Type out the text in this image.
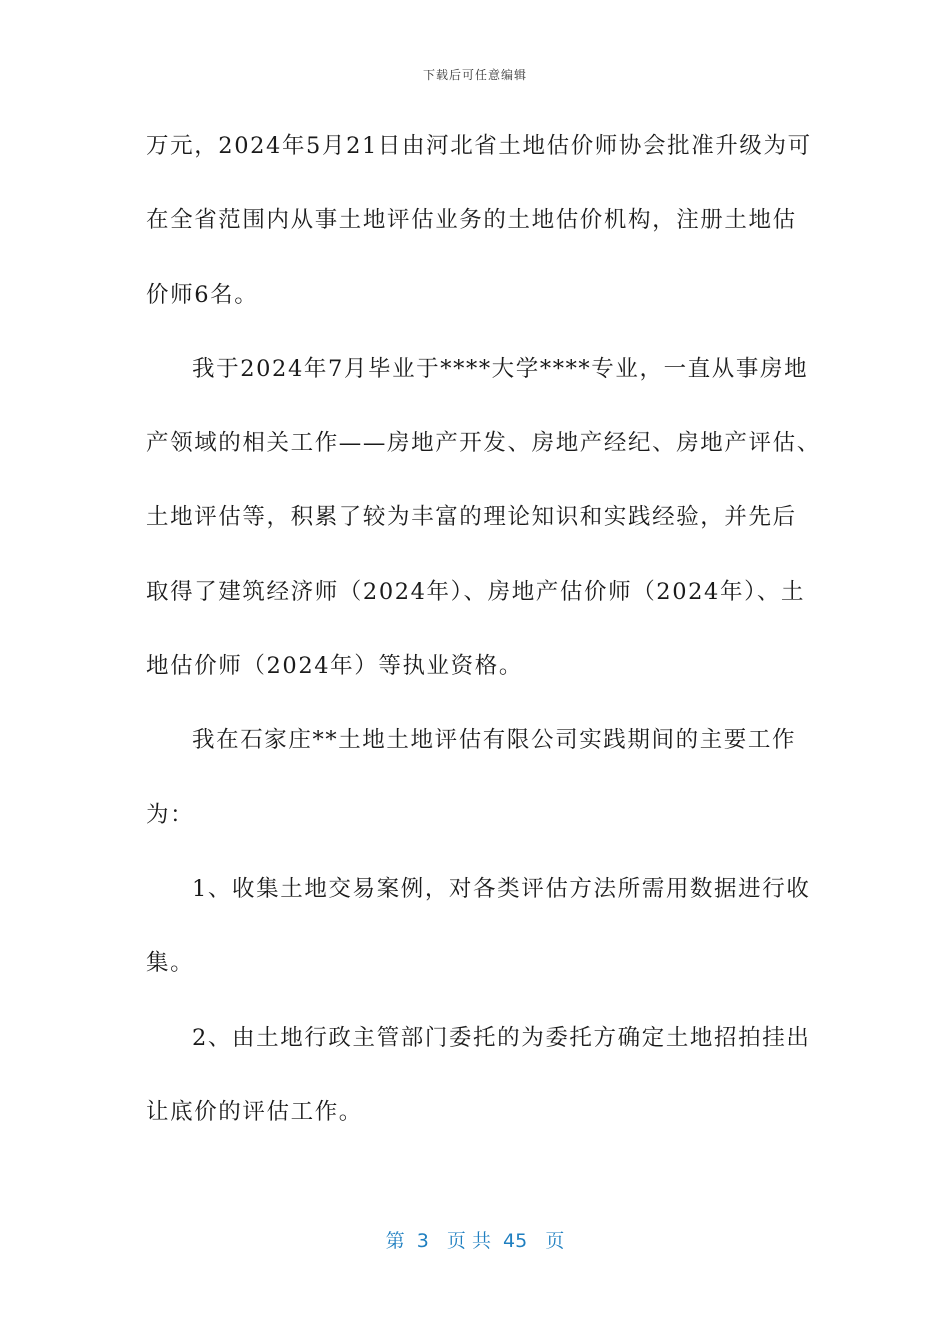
下载后可任意编辑
万元，2024年5月21日由河北省土地估价师协会批准升级为可
在全省范围内从事土地评估业务的土地估价机构，注册土地估
价师6名。
我于2024年7月毕业于****大学****专业，一直从事房地
产领域的相关工作——房地产开发、房地产经纪、房地产评估、
土地评估等，积累了较为丰富的理论知识和实践经验，并先后
取得了建筑经济师（2024年）、房地产估价师（2024年）、土
地估价师（2024年）等执业资格。
我在石家庄**土地土地评估有限公司实践期间的主要工作
为：
1、收集土地交易案例，对各类评估方法所需用数据进行收
集。
2、由土地行政主管部门委托的为委托方确定土地招拍挂出
让底价的评估工作。
第  3   页 共  45   页
